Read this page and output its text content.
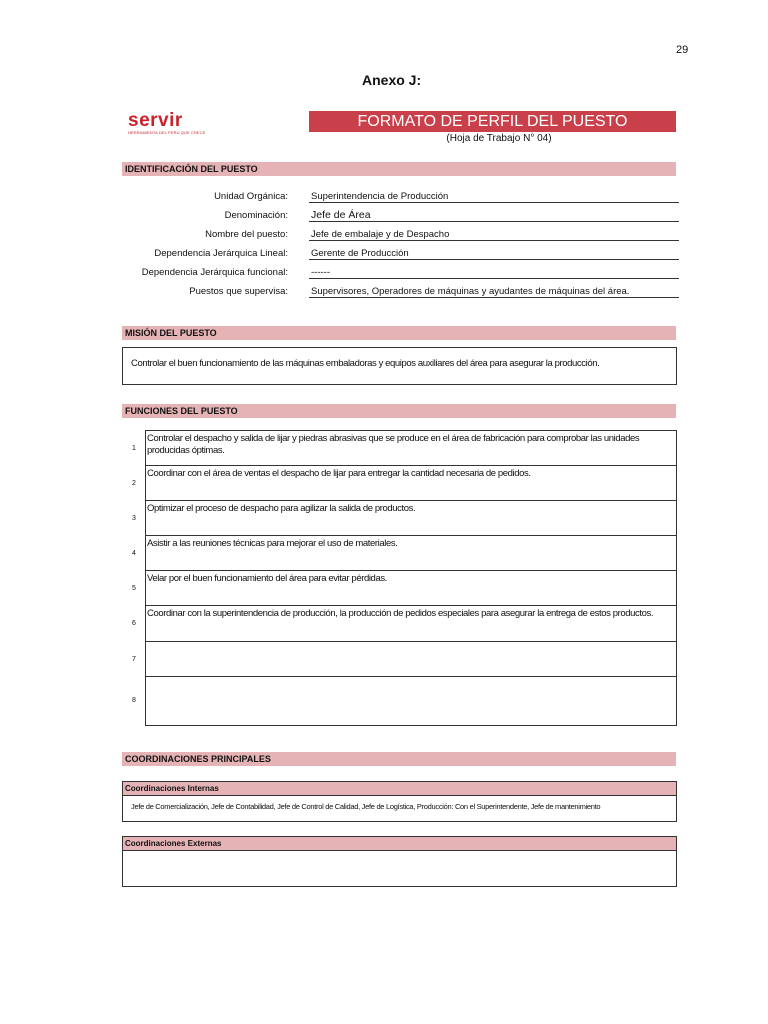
29
Anexo J:
servir
HERRAMIENTA DEL PERÚ QUE CRECE
FORMATO DE PERFIL DEL PUESTO
(Hoja de Trabajo N° 04)
IDENTIFICACIÓN DEL PUESTO
Unidad Orgánica: Superintendencia de Producción
Denominación: Jefe de Área
Nombre del puesto: Jefe de embalaje y de Despacho
Dependencia Jerárquica Lineal: Gerente de Producción
Dependencia Jerárquica funcional: ------
Puestos que supervisa: Supervisores, Operadores de máquinas y ayudantes de máquinas del área.
MISIÓN DEL PUESTO
Controlar el buen funcionamiento de las máquinas embaladoras y equipos auxiliares del área para asegurar la producción.
FUNCIONES DEL PUESTO
1
Controlar el despacho y salida de lijar y piedras abrasivas que se produce en el área de fabricación para comprobar las unidades producidas óptimas.
2
Coordinar con el área de ventas el despacho de lijar para entregar la cantidad necesaria de pedidos.
3
Optimizar el proceso de despacho para agilizar la salida de productos.
4
Asistir a las reuniones técnicas para mejorar el uso de materiales.
5
Velar por el buen funcionamiento del área para evitar pérdidas.
6
Coordinar con la superintendencia de producción, la producción de pedidos especiales para asegurar la entrega de estos productos.
7
8
COORDINACIONES PRINCIPALES
Coordinaciones Internas
Jefe de Comercialización, Jefe de Contabilidad, Jefe de Control de Calidad, Jefe de Logística, Producción: Con el Superintendente, Jefe de mantenimiento
Coordinaciones Externas
